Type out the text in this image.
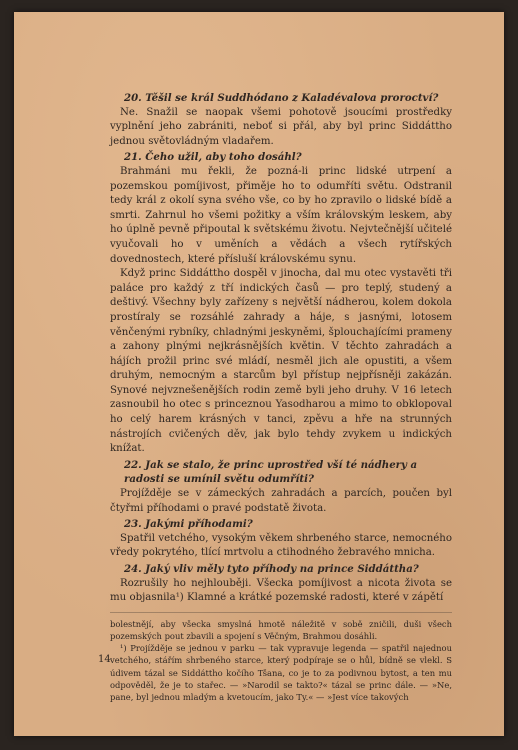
20. Těšil se král Suddhódano z Kaladévalova proroctví?

Ne. Snažil se naopak všemi pohotově jsoucími prostředky vyplnění jeho zabrániti, neboť si přál, aby byl princ Siddáttho jednou světovládným vladařem.

21. Čeho užil, aby toho dosáhl?

Brahmáni mu řekli, že pozná-li princ lidské utrpení a pozemskou pomíjivost, přiměje ho to odumříti světu. Odstranil tedy král z okolí syna svého vše, co by ho zpravilo o lidské bídě a smrti. Zahrnul ho všemi požitky a vším královským leskem, aby ho úplně pevně připoutal k světskému životu. Nejvtečnější učitelé vyučovali ho v uměních a vědách a všech rytířských dovednostech, které přísluší královskému synu.

Když princ Siddáttho dospěl v jinocha, dal mu otec vystavěti tři paláce pro každý z tří indických časů — pro teplý, studený a deštivý. Všechny byly zařízeny s největší nádherou, kolem dokola prostíraly se rozsáhlé zahrady a háje, s jasnými, lotosem věnčenými rybníky, chladnými jeskyněmi, šplouchajícími prameny a zahony plnými nejkrásnějších květin. V těchto zahradách a hájích prožil princ své mládí, nesměl jich ale opustiti, a všem druhým, nemocným a starcům byl přístup nejpřísněji zakázán. Synové nejvznešenějších rodin země byli jeho druhy. V 16 letech zasnoubil ho otec s princeznou Yasodharou a mimo to obklopoval ho celý harem krásných v tanci, zpěvu a hře na strunných nástrojích cvičených děv, jak bylo tehdy zvykem u indických knížat.

22. Jak se stalo, že princ uprostřed vší té nádhery a radosti se umínil světu odumříti?

Projížděje se v zámeckých zahradách a parcích, poučen byl čtyřmi příhodami o pravé podstatě života.

23. Jakými příhodami?

Spatřil vetchého, vysokým věkem shrbeného starce, nemocného vředy pokrytého, tlící mrtvolu a ctihodného žebravého mnicha.

24. Jaký vliv měly tyto příhody na prince Siddáttha?

Rozrušily ho nejhlouběji. Všecka pomíjivost a nicota života se mu objasnila¹) Klamné a krátké pozemské radosti, které v zápětí

bolestnějí, aby všecka smyslná hmotě náležitě v sobě zničili, duši všech pozemských pout zbavili a spojení s Věčným, Brahmou dosáhli.

¹) Projížděje se jednou v parku — tak vypravuje legenda — spatřil najednou vetchého, stářím shrbeného starce, který podpíraje se o hůl, bídně se vlekl. S údivem tázal se Siddáttho kočího Tšana, co je to za podivnou bytost, a ten mu odpověděl, že je to stařec. — »Narodil se takto?« tázal se princ dále. — »Ne, pane, byl jednou mladým a kvetoucím, jako Ty.« — »Jest více takových

14
